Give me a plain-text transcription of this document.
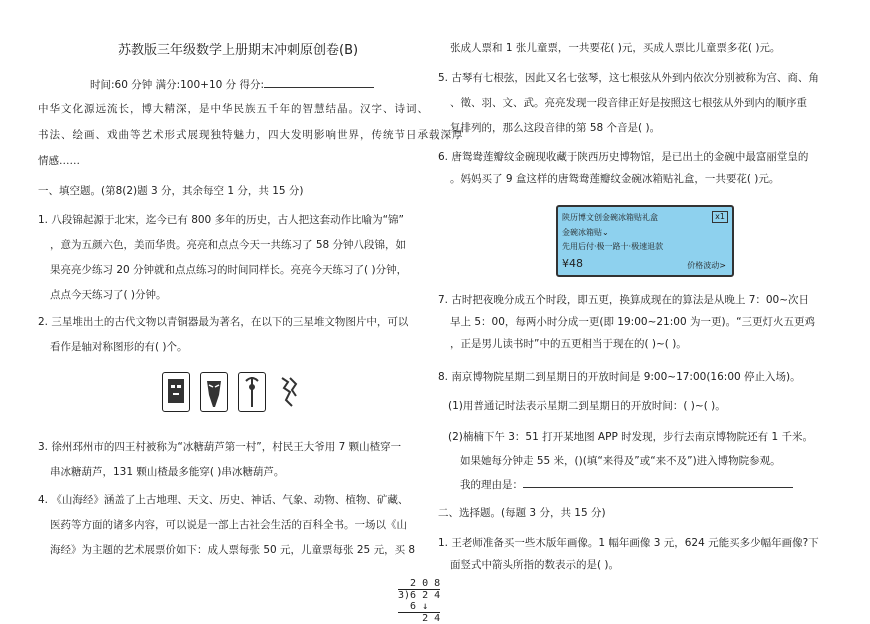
苏教版三年级数学上册期末冲刺原创卷(B)
时间:60 分钟 满分:100+10 分 得分:
中华文化源远流长，博大精深，是中华民族五千年的智慧结晶。汉字、诗词、
书法、绘画、戏曲等艺术形式展现独特魅力，四大发明影响世界，传统节日承载深厚
情感……
一、填空题。(第8(2)题 3 分，其余每空 1 分，共 15 分)
1. 八段锦起源于北宋，迄今已有 800 多年的历史，古人把这套动作比喻为“锦”
，意为五颜六色，美而华贵。亮亮和点点今天一共练习了 58 分钟八段锦，如
果亮亮少练习 20 分钟就和点点练习的时间同样长。亮亮今天练习了( )分钟，
点点今天练习了( )分钟。
2. 三星堆出土的古代文物以青铜器最为著名，在以下的三星堆文物图片中，可以
看作是轴对称图形的有( )个。
3. 徐州邳州市的四王村被称为“冰糖葫芦第一村”，村民王大爷用 7 颗山楂穿一
串冰糖葫芦，131 颗山楂最多能穿( )串冰糖葫芦。
4. 《山海经》涵盖了上古地理、天文、历史、神话、气象、动物、植物、矿藏、
医药等方面的诸多内容，可以说是一部上古社会生活的百科全书。一场以《山
海经》为主题的艺术展票价如下：成人票每张 50 元，儿童票每张 25 元，买 8
张成人票和 1 张儿童票，一共要花( )元，买成人票比儿童票多花( )元。
5. 古琴有七根弦，因此又名七弦琴，这七根弦从外到内依次分别被称为宫、商、角
、徵、羽、文、武。亮亮发现一段音律正好是按照这七根弦从外到内的顺序重
复排列的，那么这段音律的第 58 个音是( )。
6. 唐鸳鸯莲瓣纹金碗现收藏于陕西历史博物馆，是已出土的金碗中最富丽堂皇的
。妈妈买了 9 盒这样的唐鸳鸯莲瓣纹金碗冰箱贴礼盒，一共要花( )元。
陕历博文创金碗冰箱贴礼盒	x1
金碗冰箱贴⌄
先用后付·极一路十·极速退款
¥48	价格波动>
7. 古时把夜晚分成五个时段，即五更，换算成现在的算法是从晚上 7：00~次日
早上 5：00，每两小时分成一更(即 19:00~21:00 为一更)。“三更灯火五更鸡
，正是男儿读书时”中的五更相当于现在的( )~( )。
8. 南京博物院星期二到星期日的开放时间是 9:00~17:00(16:00 停止入场)。
(1)用普通记时法表示星期二到星期日的开放时间：( )~( )。
(2)楠楠下午 3：51 打开某地图 APP 时发现，步行去南京博物院还有 1 千米。
如果她每分钟走 55 米，()(填“来得及”或“来不及”)进入博物院参观。
我的理由是：
二、选择题。(每题 3 分，共 15 分)
1. 王老师准备买一些木版年画像。1 幅年画像 3 元，624 元能买多少幅年画像?下
面竖式中箭头所指的数表示的是( )。
2 0 8
3)6 2 4
6 ↓
2 4
